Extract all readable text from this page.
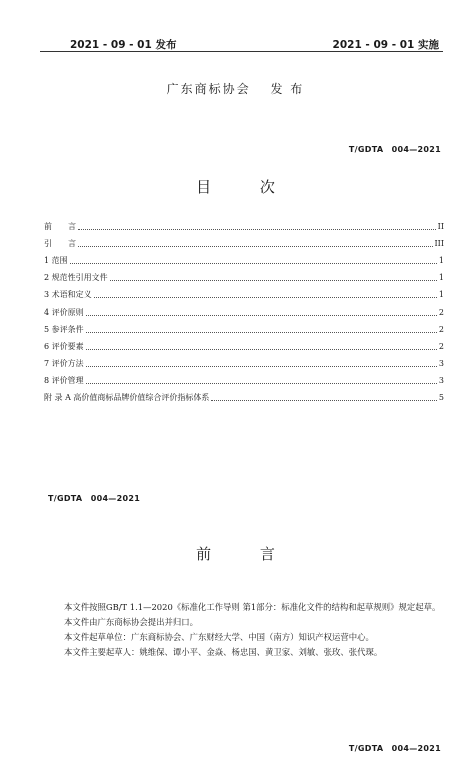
2021 - 09 - 01 发布	2021 - 09 - 01 实施
广东商标协会　 发 布
T/GDTA　004—2021
目 次
前　　言	II
引　　言	III
1 范围	1
2 规范性引用文件	1
3 术语和定义	1
4 评价原则	2
5 参评条件	2
6 评价要素	2
7 评价方法	3
8 评价管理	3
附 录 A 高价值商标品牌价值综合评价指标体系	5
T/GDTA　004—2021
前 言

本文件按照GB/T 1.1—2020《标准化工作导则 第1部分：标准化文件的结构和起草规则》规定起草。

本文件由广东商标协会提出并归口。

本文件起草单位：广东商标协会、广东财经大学、中国（南方）知识产权运营中心。

本文件主要起草人：姚维保、谭小平、金焱、杨忠国、黄卫家、刘敏、张玫、张代琛。

T/GDTA　004—2021
